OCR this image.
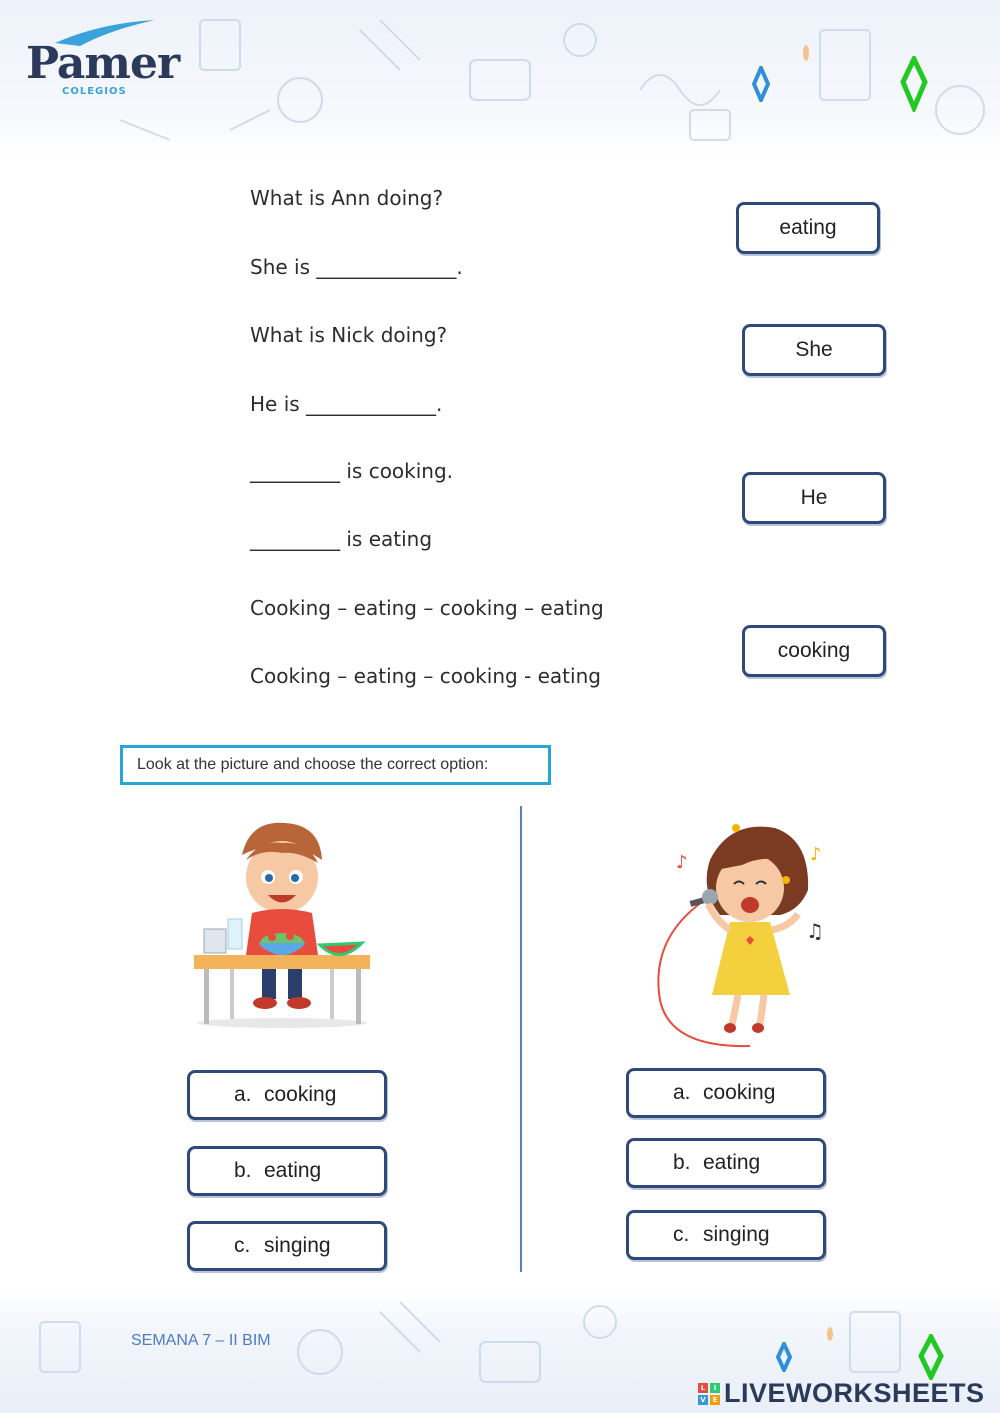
Pamer
COLEGIOS
What is Ann doing?
She is ______________.
What is Nick doing?
He is _____________.
_________ is cooking.
_________ is eating
Cooking – eating – cooking – eating
Cooking – eating – cooking - eating
eating
She
He
cooking
Look at the picture and choose the correct option:
♪	♪
♫
a. cooking
b. eating
c. singing
a. cooking
b. eating
c. singing
SEMANA 7 – II BIM
L	I
V E LIVEWORKSHEETS
